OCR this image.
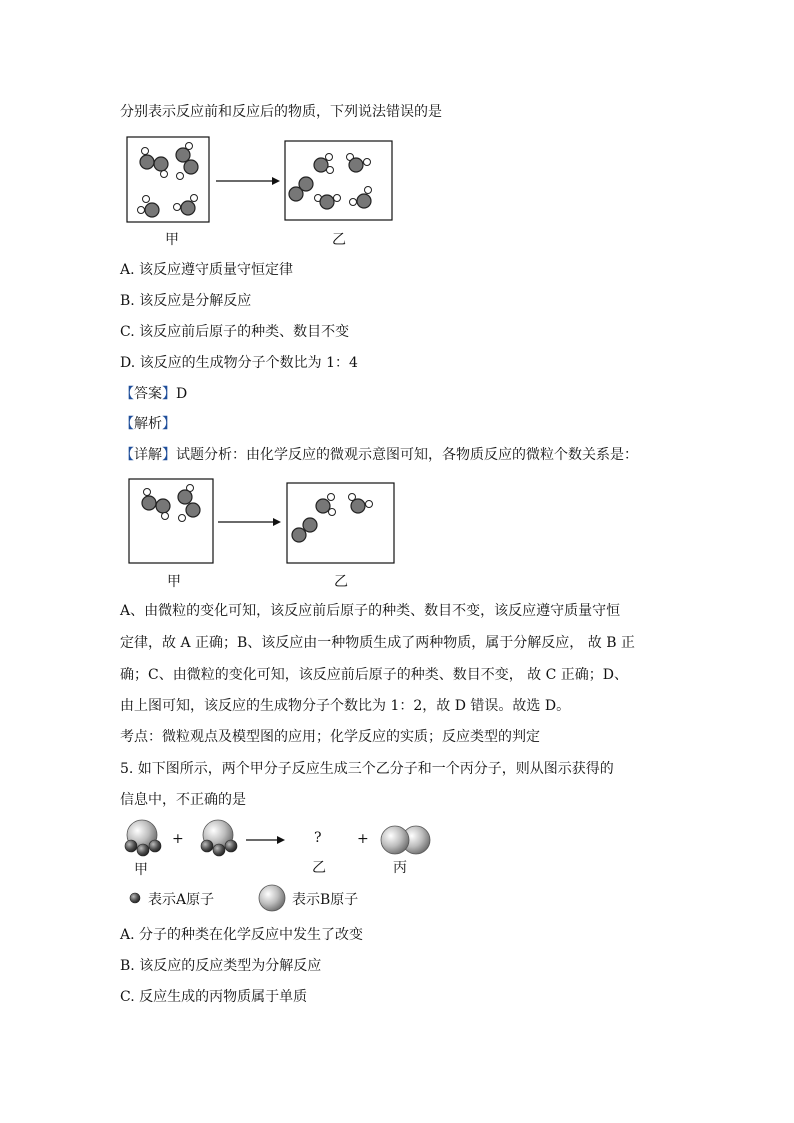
分别表示反应前和反应后的物质，下列说法错误的是
甲	乙
A. 该反应遵守质量守恒定律
B. 该反应是分解反应
C. 该反应前后原子的种类、数目不变
D. 该反应的生成物分子个数比为 1：4
【答案】D
【解析】
【详解】试题分析：由化学反应的微观示意图可知，各物质反应的微粒个数关系是：
甲	乙
A、由微粒的变化可知，该反应前后原子的种类、数目不变，该反应遵守质量守恒
定律，故 A 正确；B、该反应由一种物质生成了两种物质，属于分解反应， 故 B 正
确；C、由微粒的变化可知，该反应前后原子的种类、数目不变， 故 C 正确；D、
由上图可知，该反应的生成物分子个数比为 1：2，故 D 错误。故选 D。
考点：微粒观点及模型图的应用；化学反应的实质；反应类型的判定
5. 如下图所示，两个甲分子反应生成三个乙分子和一个丙分子，则从图示获得的
信息中，不正确的是
+	?	+
甲	乙	丙
表示A原子	表示B原子
A. 分子的种类在化学反应中发生了改变
B. 该反应的反应类型为分解反应
C. 反应生成的丙物质属于单质
